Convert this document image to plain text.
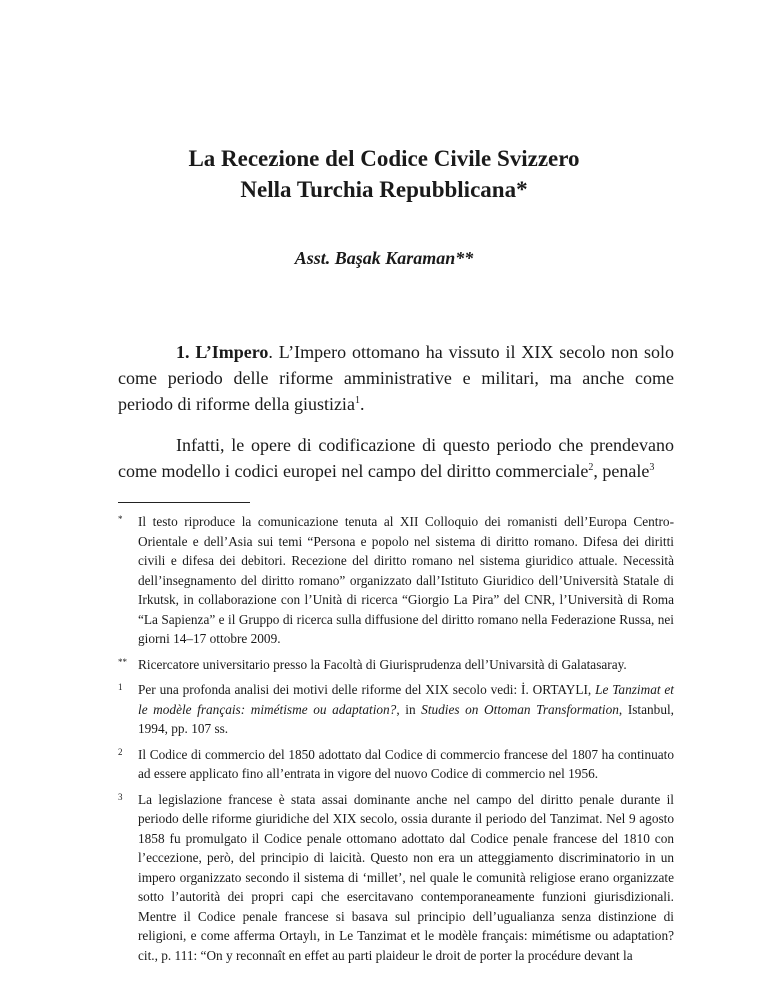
La Recezione del Codice Civile Svizzero
Nella Turchia Repubblicana*
Asst. Başak Karaman**
1. L’Impero. L’Impero ottomano ha vissuto il XIX secolo non solo come periodo delle riforme amministrative e militari, ma anche come periodo di riforme della giustizia$^1$.
Infatti, le opere di codificazione di questo periodo che prendevano come modello i codici europei nel campo del diritto commerciale$^2$, penale$^3$
* Il testo riproduce la comunicazione tenuta al XII Colloquio dei romanisti dell’Europa Centro-Orientale e dell’Asia sui temi “Persona e popolo nel sistema di diritto romano. Difesa dei diritti civili e difesa dei debitori. Recezione del diritto romano nel sistema giuridico attuale. Necessità dell’insegnamento del diritto romano” organizzato dall’Istituto Giuridico dell’Università Statale di Irkutsk, in collaborazione con l’Unità di ricerca “Giorgio La Pira” del CNR, l’Università di Roma “La Sapienza” e il Gruppo di ricerca sulla diffusione del diritto romano nella Federazione Russa, nei giorni 14–17 ottobre 2009.
** Ricercatore universitario presso la Facoltà di Giurisprudenza dell’Univarsità di Galatasaray.
1 Per una profonda analisi dei motivi delle riforme del XIX secolo vedi: İ. ORTAYLI, Le Tanzimat et le modèle français: mimétisme ou adaptation?, in Studies on Ottoman Transformation, Istanbul, 1994, pp. 107 ss.
2 Il Codice di commercio del 1850 adottato dal Codice di commercio francese del 1807 ha continuato ad essere applicato fino all’entrata in vigore del nuovo Codice di commercio nel 1956.
3 La legislazione francese è stata assai dominante anche nel campo del diritto penale durante il periodo delle riforme giuridiche del XIX secolo, ossia durante il periodo del Tanzimat. Nel 9 agosto 1858 fu promulgato il Codice penale ottomano adottato dal Codice penale francese del 1810 con l’eccezione, però, del principio di laicità. Questo non era un atteggiamento discriminatorio in un impero organizzato secondo il sistema di ‘millet’, nel quale le comunità religiose erano organizzate sotto l’autorità dei propri capi che esercitavano contemporaneamente funzioni giurisdizionali. Mentre il Codice penale francese si basava sul principio dell’ugualianza senza distinzione di religioni, e come afferma Ortaylı, in Le Tanzimat et le modèle français: mimétisme ou adaptation? cit., p. 111: “On y reconnaît en effet au parti plaideur le droit de porter la procédure devant la
